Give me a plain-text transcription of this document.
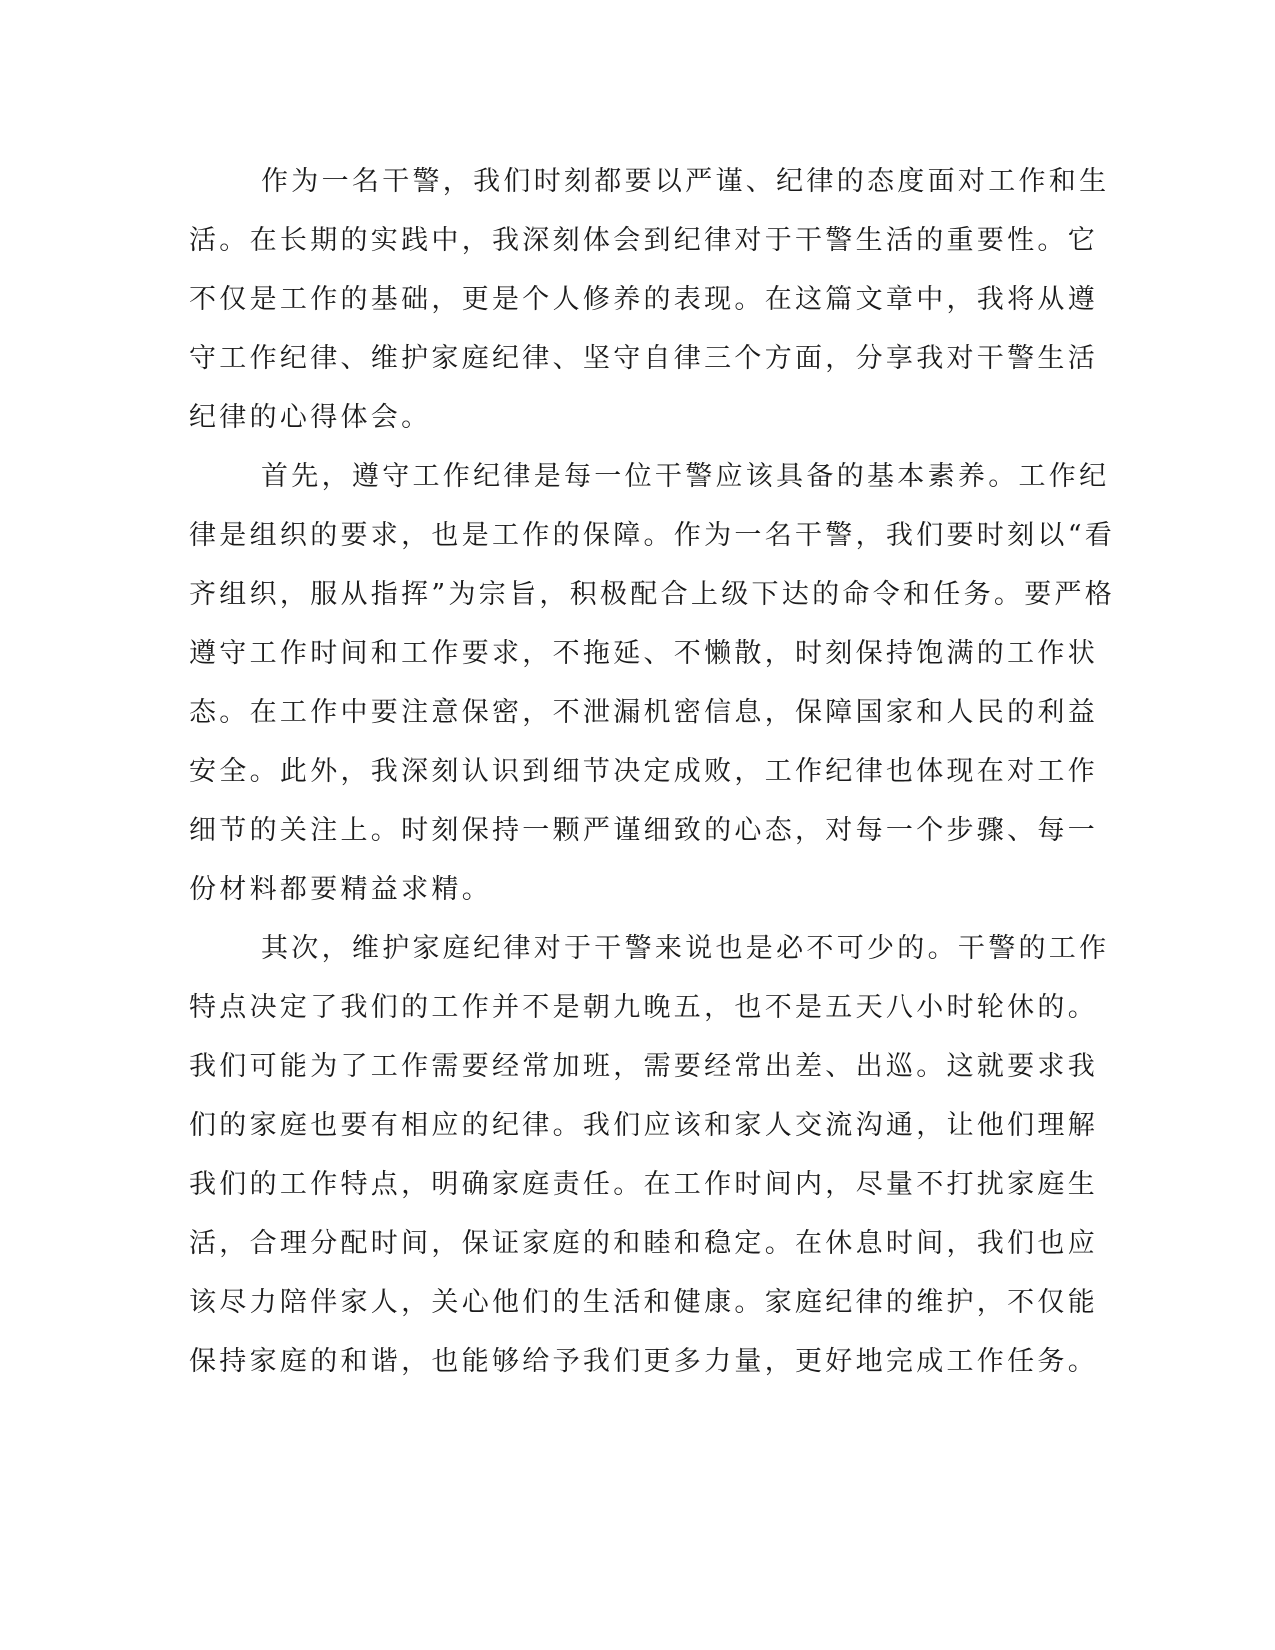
作为一名干警，我们时刻都要以严谨、纪律的态度面对工作和生

活。在长期的实践中，我深刻体会到纪律对于干警生活的重要性。它

不仅是工作的基础，更是个人修养的表现。在这篇文章中，我将从遵

守工作纪律、维护家庭纪律、坚守自律三个方面，分享我对干警生活

纪律的心得体会。

首先，遵守工作纪律是每一位干警应该具备的基本素养。工作纪

律是组织的要求，也是工作的保障。作为一名干警，我们要时刻以“看

齐组织，服从指挥”为宗旨，积极配合上级下达的命令和任务。要严格

遵守工作时间和工作要求，不拖延、不懒散，时刻保持饱满的工作状

态。在工作中要注意保密，不泄漏机密信息，保障国家和人民的利益

安全。此外，我深刻认识到细节决定成败，工作纪律也体现在对工作

细节的关注上。时刻保持一颗严谨细致的心态，对每一个步骤、每一

份材料都要精益求精。

其次，维护家庭纪律对于干警来说也是必不可少的。干警的工作

特点决定了我们的工作并不是朝九晚五，也不是五天八小时轮休的。

我们可能为了工作需要经常加班，需要经常出差、出巡。这就要求我

们的家庭也要有相应的纪律。我们应该和家人交流沟通，让他们理解

我们的工作特点，明确家庭责任。在工作时间内，尽量不打扰家庭生

活，合理分配时间，保证家庭的和睦和稳定。在休息时间，我们也应

该尽力陪伴家人，关心他们的生活和健康。家庭纪律的维护，不仅能

保持家庭的和谐，也能够给予我们更多力量，更好地完成工作任务。
